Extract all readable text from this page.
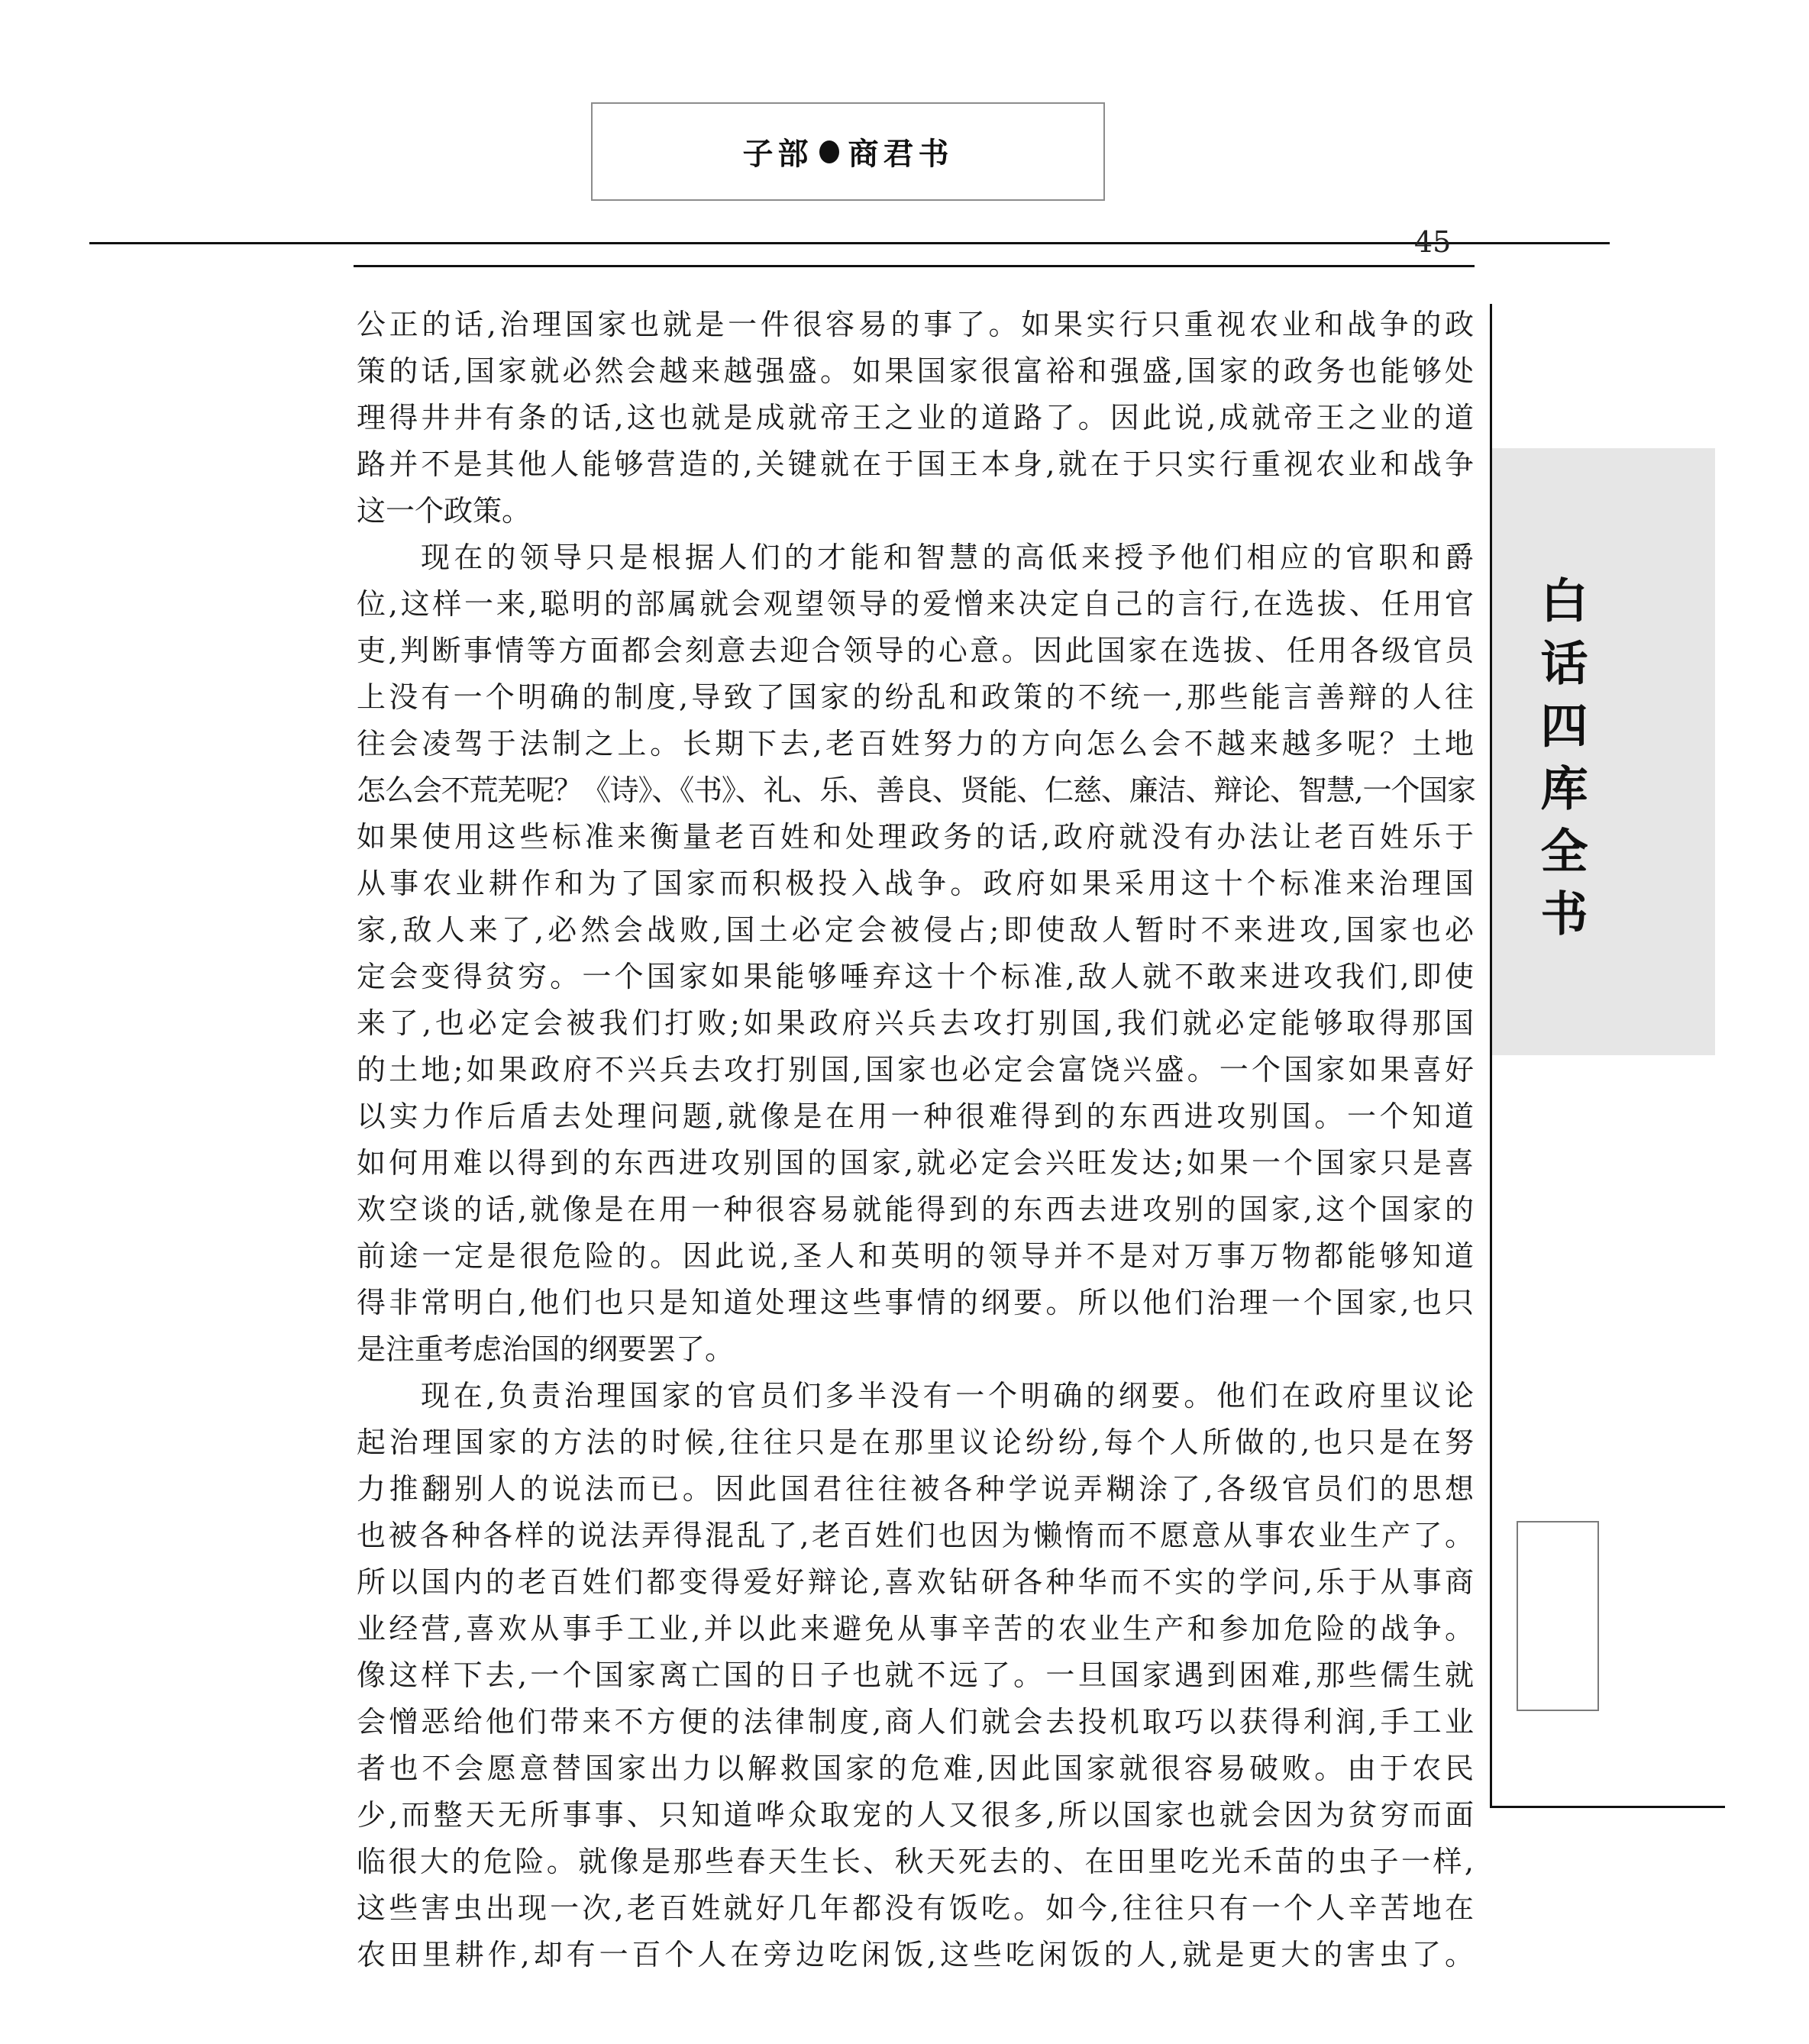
子部 商君书
45
白话四库全书
公正的话,治理国家也就是一件很容易的事了。如果实行只重视农业和战争的政
策的话,国家就必然会越来越强盛。如果国家很富裕和强盛,国家的政务也能够处
理得井井有条的话,这也就是成就帝王之业的道路了。因此说,成就帝王之业的道
路并不是其他人能够营造的,关键就在于国王本身,就在于只实行重视农业和战争
这一个政策。
现在的领导只是根据人们的才能和智慧的高低来授予他们相应的官职和爵
位,这样一来,聪明的部属就会观望领导的爱憎来决定自己的言行,在选拔、任用官
吏,判断事情等方面都会刻意去迎合领导的心意。因此国家在选拔、任用各级官员
上没有一个明确的制度,导致了国家的纷乱和政策的不统一,那些能言善辩的人往
往会凌驾于法制之上。长期下去,老百姓努力的方向怎么会不越来越多呢？土地
怎么会不荒芜呢？《诗》、《书》、礼、乐、善良、贤能、仁慈、廉洁、辩论、智慧,一个国家
如果使用这些标准来衡量老百姓和处理政务的话,政府就没有办法让老百姓乐于
从事农业耕作和为了国家而积极投入战争。政府如果采用这十个标准来治理国
家,敌人来了,必然会战败,国土必定会被侵占;即使敌人暂时不来进攻,国家也必
定会变得贫穷。一个国家如果能够唾弃这十个标准,敌人就不敢来进攻我们,即使
来了,也必定会被我们打败;如果政府兴兵去攻打别国,我们就必定能够取得那国
的土地;如果政府不兴兵去攻打别国,国家也必定会富饶兴盛。一个国家如果喜好
以实力作后盾去处理问题,就像是在用一种很难得到的东西进攻别国。一个知道
如何用难以得到的东西进攻别国的国家,就必定会兴旺发达;如果一个国家只是喜
欢空谈的话,就像是在用一种很容易就能得到的东西去进攻别的国家,这个国家的
前途一定是很危险的。因此说,圣人和英明的领导并不是对万事万物都能够知道
得非常明白,他们也只是知道处理这些事情的纲要。所以他们治理一个国家,也只
是注重考虑治国的纲要罢了。
现在,负责治理国家的官员们多半没有一个明确的纲要。他们在政府里议论
起治理国家的方法的时候,往往只是在那里议论纷纷,每个人所做的,也只是在努
力推翻别人的说法而已。因此国君往往被各种学说弄糊涂了,各级官员们的思想
也被各种各样的说法弄得混乱了,老百姓们也因为懒惰而不愿意从事农业生产了。
所以国内的老百姓们都变得爱好辩论,喜欢钻研各种华而不实的学问,乐于从事商
业经营,喜欢从事手工业,并以此来避免从事辛苦的农业生产和参加危险的战争。
像这样下去,一个国家离亡国的日子也就不远了。一旦国家遇到困难,那些儒生就
会憎恶给他们带来不方便的法律制度,商人们就会去投机取巧以获得利润,手工业
者也不会愿意替国家出力以解救国家的危难,因此国家就很容易破败。由于农民
少,而整天无所事事、只知道哗众取宠的人又很多,所以国家也就会因为贫穷而面
临很大的危险。就像是那些春天生长、秋天死去的、在田里吃光禾苗的虫子一样,
这些害虫出现一次,老百姓就好几年都没有饭吃。如今,往往只有一个人辛苦地在
农田里耕作,却有一百个人在旁边吃闲饭,这些吃闲饭的人,就是更大的害虫了。
